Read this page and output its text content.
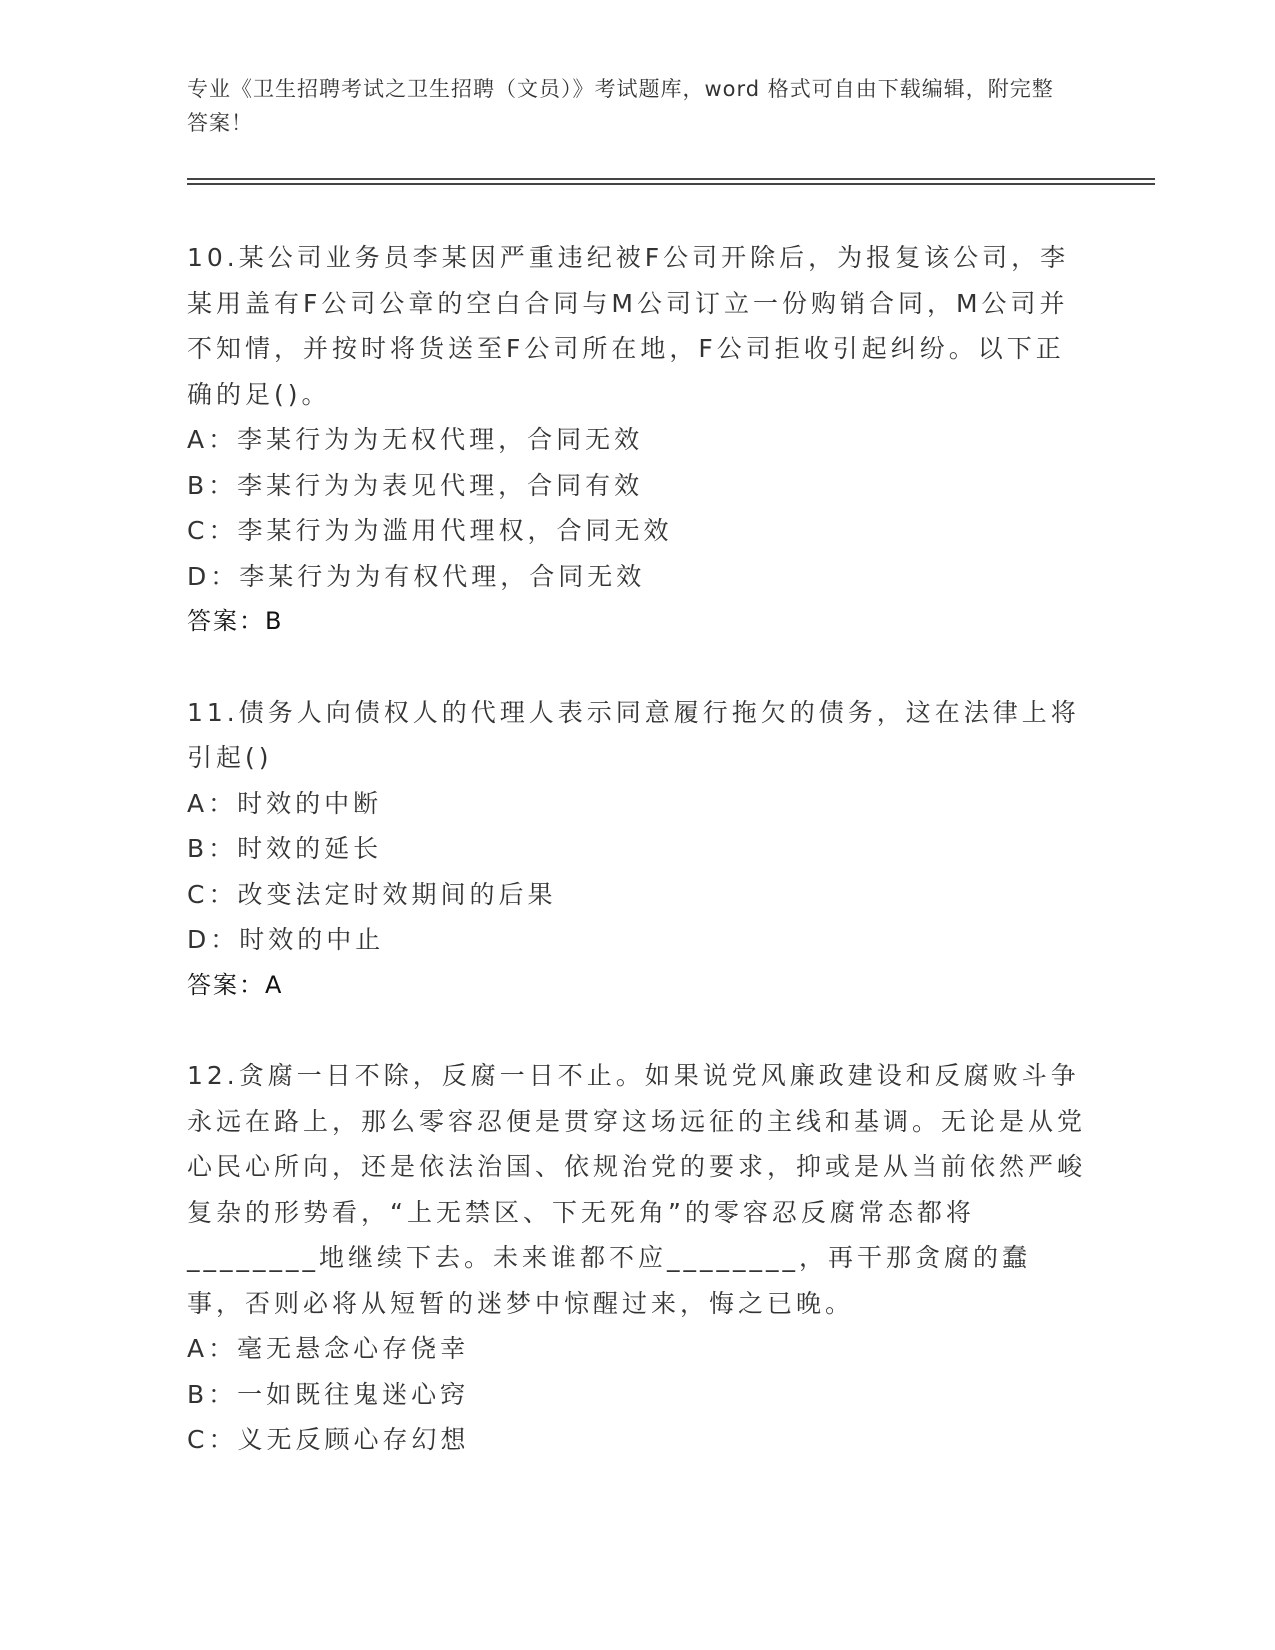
专业《卫生招聘考试之卫生招聘（文员）》考试题库，word 格式可自由下载编辑，附完整答案！

10.某公司业务员李某因严重违纪被F公司开除后，为报复该公司，李某用盖有F公司公章的空白合同与M公司订立一份购销合同，M公司并不知情，并按时将货送至F公司所在地，F公司拒收引起纠纷。以下正确的足()。

A：李某行为为无权代理，合同无效

B：李某行为为表见代理，合同有效

C：李某行为为滥用代理权，合同无效

D：李某行为为有权代理，合同无效

答案：B

11.债务人向债权人的代理人表示同意履行拖欠的债务，这在法律上将引起()

A：时效的中断

B：时效的延长

C：改变法定时效期间的后果

D：时效的中止

答案：A

12.贪腐一日不除，反腐一日不止。如果说党风廉政建设和反腐败斗争永远在路上，那么零容忍便是贯穿这场远征的主线和基调。无论是从党心民心所向，还是依法治国、依规治党的要求，抑或是从当前依然严峻复杂的形势看，“上无禁区、下无死角”的零容忍反腐常态都将________地继续下去。未来谁都不应________，再干那贪腐的蠢事，否则必将从短暂的迷梦中惊醒过来，悔之已晚。

A：毫无悬念心存侥幸

B：一如既往鬼迷心窍

C：义无反顾心存幻想
